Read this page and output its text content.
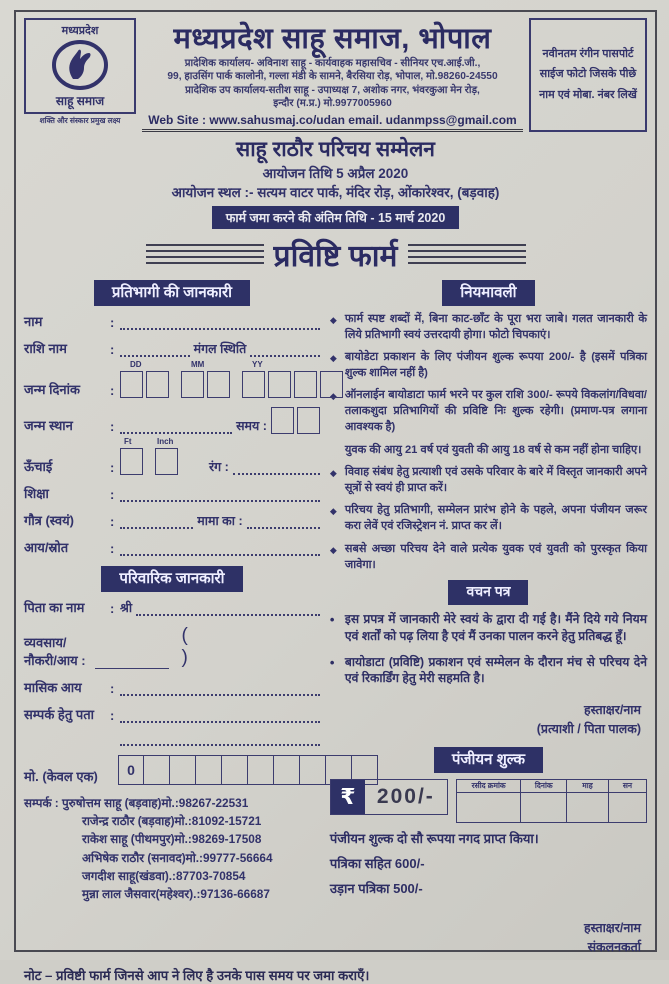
मध्यप्रदेश
साहू समाज
शक्ति और संस्कार प्रमुख लक्ष्य
मध्यप्रदेश साहू समाज, भोपाल
प्रादेशिक कार्यालय- अविनाश साहू - कार्यवाहक महासचिव - सीनियर एच.आई.जी.,
99, हाउसिंग पार्क कालोनी, गल्ला मंडी के सामने, बैरसिया रोड़, भोपाल, मो.98260-24550
प्रादेशिक उप कार्यालय-सतीश साहू - उपाध्यक्ष 7, अशोक नगर, भंवरकुआ मेन रोड़,
इन्दौर (म.प्र.) मो.9977005960
Web Site : www.sahusmaj.co/udan email. udanmpss@gmail.com
नवीनतम रंगीन पासपोर्ट साईज फोटो जिसके पीछे नाम एवं मोबा. नंबर लिखें
साहू राठौर परिचय सम्मेलन
आयोजन तिथि 5 अप्रैल 2020
आयोजन स्थल :- सत्यम वाटर पार्क, मंदिर रोड़, ओंकारेश्वर, (बड़वाह)
फार्म जमा करने की अंतिम तिथि - 15 मार्च 2020
प्रविष्टि फार्म
प्रतिभागी की जानकारी
नाम	:
राशि नाम	:	मंगल स्थिति
जन्म दिनांक	:
DD	MM	YY
जन्म स्थान	:	समय :
ऊँचाई	:
Ft	Inch
रंग :
शिक्षा	:
गौत्र (स्वयं)	:	मामा का :
आय/स्रोत	:
परिवारिक जानकारी
पिता का नाम	: श्री
व्यवसाय/नौकरी/आय :
( )
मासिक आय	:
सम्पर्क हेतु पता	:
मो. (केवल एक)	0
सम्पर्क : पुरुषोत्तम साहू (बड़वाह)मो.:98267-22531
राजेन्द्र राठौर (बड़वाह)मो.:81092-15721
राकेश साहू (पीथमपुर)मो.:98269-17508
अभिषेक राठौर (सनावद)मो.:99777-56664
जगदीश साहू(खंडवा).:87703-70854
मुन्ना लाल जैसवार(महेश्वर).:97136-66687
नियमावली
◆ फार्म स्पष्ट शब्दों में, बिना काट-छाँट के पूरा भरा जाबे। गलत जानकारी के लिये प्रतिभागी स्वयं उत्तरदायी होगा। फोटो चिपकाएं।
◆ बायोडेटा प्रकाशन के लिए पंजीयन शुल्क रूपया 200/- है (इसमें पत्रिका शुल्क शामिल नहीं है)
◆ ऑनलाईन बायोडाटा फार्म भरने पर कुल राशि 300/- रूपये विकलांग/विधवा/तलाकशुदा प्रतिभागियों की प्रविष्टि निः शुल्क रहेगी। (प्रमाण-पत्र लगाना आवश्यक है)
युवक की आयु 21 वर्ष एवं युवती की आयु 18 वर्ष से कम नहीं होना चाहिए।
◆ विवाह संबंध हेतु प्रत्याशी एवं उसके परिवार के बारे में विस्तृत जानकारी अपने सूत्रों से स्वयं ही प्राप्त करें।
◆ परिचय हेतु प्रतिभागी, सम्मेलन प्रारंभ होने के पहले, अपना पंजीयन जरूर करा लेवें एवं रजिस्ट्रेशन नं. प्राप्त कर लें।
◆ सबसे अच्छा परिचय देने वाले प्रत्येक युवक एवं युवती को पुरस्कृत किया जावेगा।
वचन पत्र
• इस प्रपत्र में जानकारी मेरे स्वयं के द्वारा दी गई है। मैंने दिये गये नियम एवं शर्तों को पढ़ लिया है एवं मैं उनका पालन करने हेतु प्रतिबद्ध हूँ।
• बायोडाटा (प्रविष्टि) प्रकाशन एवं सम्मेलन के दौरान मंच से परिचय देने एवं रिकार्डिंग हेतु मेरी सहमति है।
हस्ताक्षर/नाम
(प्रत्याशी / पिता पालक)
पंजीयन शुल्क
₹	200/-	रसीद क्रमांक	दिनांक	माह	सन

पंजीयन शुल्क दो सौ रूपया नगद प्राप्त किया।
पत्रिका सहित 600/-
उड़ान पत्रिका 500/-
हस्ताक्षर/नाम
संकलनकर्ता
नोट – प्रविष्टी फार्म जिनसे आप ने लिए है उनके पास समय पर जमा कराएँ।
